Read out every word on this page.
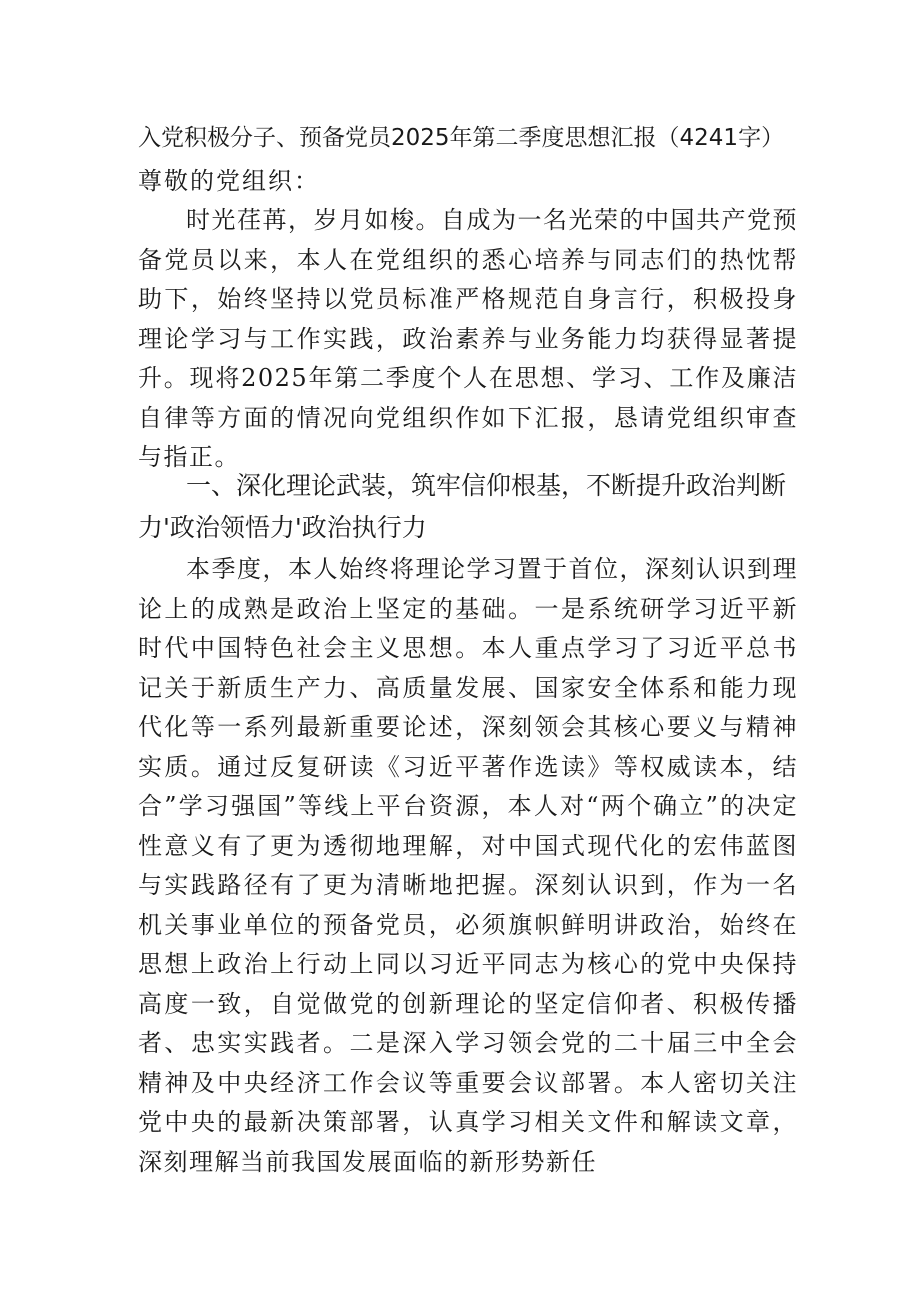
入党积极分子、预备党员2025年第二季度思想汇报（4241字）

尊敬的党组织：

时光荏苒，岁月如梭。自成为一名光荣的中国共产党预备党员以来，本人在党组织的悉心培养与同志们的热忱帮助下，始终坚持以党员标准严格规范自身言行，积极投身理论学习与工作实践，政治素养与业务能力均获得显著提升。现将2025年第二季度个人在思想、学习、工作及廉洁自律等方面的情况向党组织作如下汇报，恳请党组织审查与指正。

一、深化理论武装，筑牢信仰根基，不断提升政治判断力'政治领悟力'政治执行力

本季度，本人始终将理论学习置于首位，深刻认识到理论上的成熟是政治上坚定的基础。一是系统研学习近平新时代中国特色社会主义思想。本人重点学习了习近平总书记关于新质生产力、高质量发展、国家安全体系和能力现代化等一系列最新重要论述，深刻领会其核心要义与精神实质。通过反复研读《习近平著作选读》等权威读本，结合”学习强国”等线上平台资源，本人对“两个确立”的决定性意义有了更为透彻地理解，对中国式现代化的宏伟蓝图与实践路径有了更为清晰地把握。深刻认识到，作为一名机关事业单位的预备党员，必须旗帜鲜明讲政治，始终在思想上政治上行动上同以习近平同志为核心的党中央保持高度一致，自觉做党的创新理论的坚定信仰者、积极传播者、忠实实践者。二是深入学习领会党的二十届三中全会精神及中央经济工作会议等重要会议部署。本人密切关注党中央的最新决策部署，认真学习相关文件和解读文章，深刻理解当前我国发展面临的新形势新任
